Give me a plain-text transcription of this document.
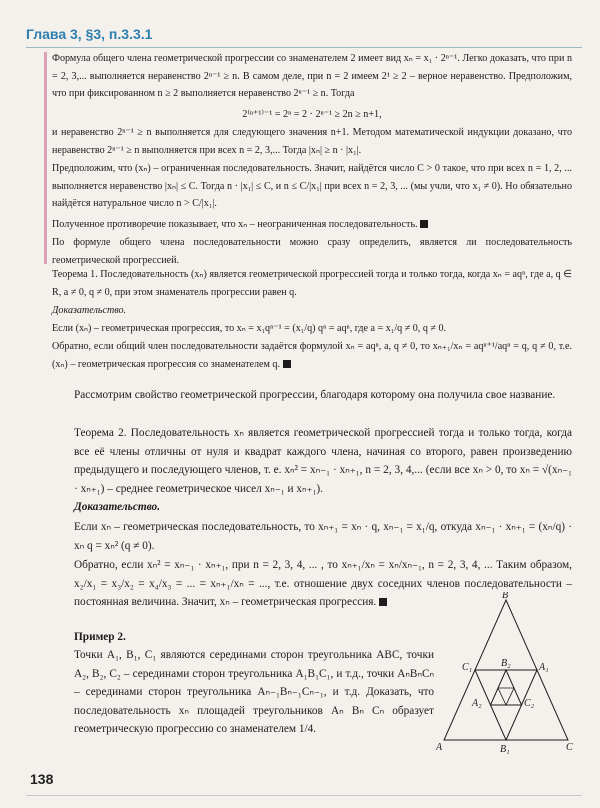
Глава 3, §3, п.3.3.1

Формула общего члена геометрической прогрессии со знаменателем 2 имеет вид xₙ = x₁ · 2ⁿ⁻¹. Легко доказать, что при n = 2, 3,... выполняется неравенство 2ⁿ⁻¹ ≥ n. В самом деле, при n = 2 имеем 2¹ ≥ 2 – верное неравенство. Предположим, что при фиксированном n ≥ 2 выполняется неравенство 2ⁿ⁻¹ ≥ n. Тогда

2⁽ⁿ⁺¹⁾⁻¹ = 2ⁿ = 2 · 2ⁿ⁻¹ ≥ 2n ≥ n+1,

и неравенство 2ⁿ⁻¹ ≥ n выполняется для следующего значения n+1. Методом математической индукции доказано, что неравенство 2ⁿ⁻¹ ≥ n выполняется при всех n = 2, 3,... Тогда |xₙ| ≥ n · |x₁|.

Предположим, что (xₙ) – ограниченная последовательность. Значит, найдётся число C > 0 такое, что при всех n = 1, 2, ... выполняется неравенство |xₙ| ≤ C. Тогда n · |x₁| ≤ C, и n ≤ C/|x₁| при всех n = 2, 3, ... (мы учли, что x₁ ≠ 0). Но обязательно найдётся натуральное число n > C/|x₁|.

Полученное противоречие показывает, что xₙ – неограниченная последовательность.

По формуле общего члена последовательности можно сразу определить, является ли последовательность геометрической прогрессией.

Теорема 1. Последовательность (xₙ) является геометрической прогрессией тогда и только тогда, когда xₙ = aqⁿ, где a, q ∈ R, a ≠ 0, q ≠ 0, при этом знаменатель прогрессии равен q.

Доказательство.

Если (xₙ) – геометрическая прогрессия, то xₙ = x₁qⁿ⁻¹ = (x₁/q) qⁿ = aqⁿ, где a = x₁/q ≠ 0, q ≠ 0.

Обратно, если общий член последовательности задаётся формулой xₙ = aqⁿ, a, q ≠ 0, то xₙ₊₁/xₙ = aqⁿ⁺¹/aqⁿ = q, q ≠ 0, т.е. (xₙ) – геометрическая прогрессия со знаменателем q.

Рассмотрим свойство геометрической прогрессии, благодаря которому она получила свое название.

Теорема 2. Последовательность xₙ является геометрической прогрессией тогда и только тогда, когда все её члены отличны от нуля и квадрат каждого члена, начиная со второго, равен произведению предыдущего и последующего членов, т. е. xₙ² = xₙ₋₁ · xₙ₊₁, n = 2, 3, 4,... (если все xₙ > 0, то xₙ = √(xₙ₋₁ · xₙ₊₁) – среднее геометрическое чисел xₙ₋₁ и xₙ₊₁).

Доказательство.

Если xₙ – геометрическая последовательность, то xₙ₊₁ = xₙ · q, xₙ₋₁ = x₁/q, откуда xₙ₋₁ · xₙ₊₁ = (xₙ/q) · xₙ q = xₙ² (q ≠ 0).

Обратно, если xₙ² = xₙ₋₁ · xₙ₊₁, при n = 2, 3, 4, ... , то xₙ₊₁/xₙ = xₙ/xₙ₋₁, n = 2, 3, 4, ... Таким образом, x₂/x₁ = x₃/x₂ = x₄/x₃ = ... = xₙ₊₁/xₙ = ..., т.е. отношение двух соседних членов последовательности – постоянная величина. Значит, xₙ – геометрическая прогрессия.

Пример 2.

Точки A₁, B₁, C₁ являются серединами сторон треугольника ABC, точки A₂, B₂, C₂ – серединами сторон треугольника A₁B₁C₁, и т.д., точки AₙBₙCₙ – серединами сторон треугольника Aₙ₋₁Bₙ₋₁Cₙ₋₁, и т.д. Доказать, что последовательность xₙ площадей треугольников Aₙ Bₙ Cₙ образует геометрическую прогрессию со знаменателем 1/4.

B
A	C
B₁
C₁	A₁
A₂	C₂
B₂
138
